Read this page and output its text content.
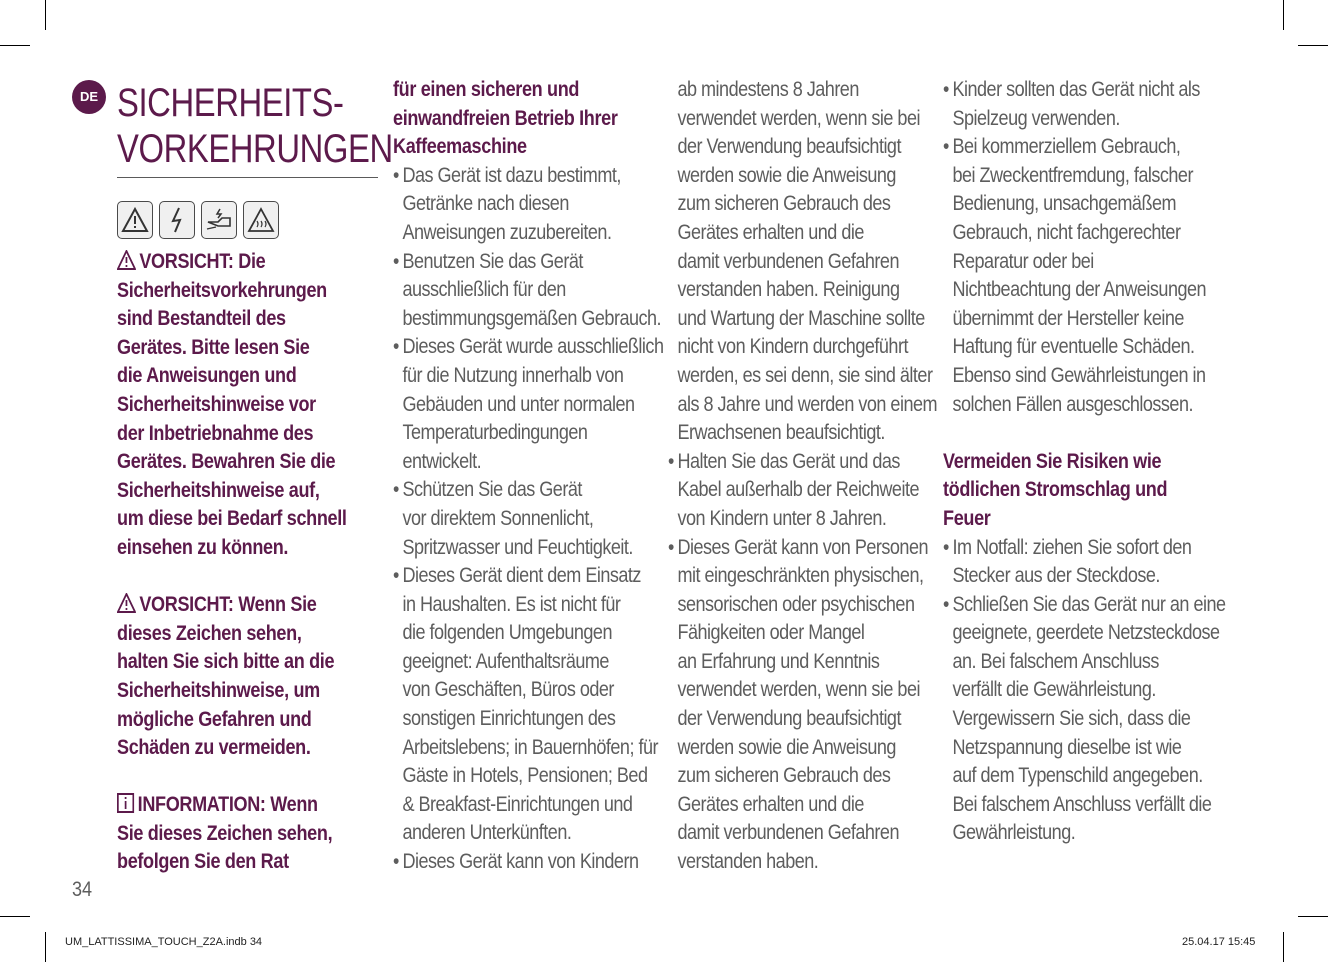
DE SICHERHEITS-
VORKEHRUNGEN
VORSICHT: Die
Sicherheitsvorkehrungen
sind Bestandteil des
Gerätes. Bitte lesen Sie
die Anweisungen und
Sicherheitshinweise vor
der Inbetriebnahme des
Gerätes. Bewahren Sie die
Sicherheitshinweise auf,
um diese bei Bedarf schnell
einsehen zu können.
VORSICHT: Wenn Sie
dieses Zeichen sehen,
halten Sie sich bitte an die
Sicherheitshinweise, um
mögliche Gefahren und
Schäden zu vermeiden.
INFORMATION: Wenn
Sie dieses Zeichen sehen,
befolgen Sie den Rat
für einen sicheren und
einwandfreien Betrieb Ihrer
Kaffeemaschine
• Das Gerät ist dazu bestimmt,
Getränke nach diesen
Anweisungen zuzubereiten.
• Benutzen Sie das Gerät
ausschließlich für den
bestimmungsgemäßen Gebrauch.
• Dieses Gerät wurde ausschließlich
für die Nutzung innerhalb von
Gebäuden und unter normalen
Temperaturbedingungen
entwickelt.
• Schützen Sie das Gerät
vor direktem Sonnenlicht,
Spritzwasser und Feuchtigkeit.
• Dieses Gerät dient dem Einsatz
in Haushalten. Es ist nicht für
die folgenden Umgebungen
geeignet: Aufenthaltsräume
von Geschäften, Büros oder
sonstigen Einrichtungen des
Arbeitslebens; in Bauernhöfen; für
Gäste in Hotels, Pensionen; Bed
& Breakfast-Einrichtungen und
anderen Unterkünften.
• Dieses Gerät kann von Kindern
ab mindestens 8 Jahren
verwendet werden, wenn sie bei
der Verwendung beaufsichtigt
werden sowie die Anweisung
zum sicheren Gebrauch des
Gerätes erhalten und die
damit verbundenen Gefahren
verstanden haben. Reinigung
und Wartung der Maschine sollte
nicht von Kindern durchgeführt
werden, es sei denn, sie sind älter
als 8 Jahre und werden von einem
Erwachsenen beaufsichtigt.
• Halten Sie das Gerät und das
Kabel außerhalb der Reichweite
von Kindern unter 8 Jahren.
• Dieses Gerät kann von Personen
mit eingeschränkten physischen,
sensorischen oder psychischen
Fähigkeiten oder Mangel
an Erfahrung und Kenntnis
verwendet werden, wenn sie bei
der Verwendung beaufsichtigt
werden sowie die Anweisung
zum sicheren Gebrauch des
Gerätes erhalten und die
damit verbundenen Gefahren
verstanden haben.
• Kinder sollten das Gerät nicht als
Spielzeug verwenden.
• Bei kommerziellem Gebrauch,
bei Zweckentfremdung, falscher
Bedienung, unsachgemäßem
Gebrauch, nicht fachgerechter
Reparatur oder bei
Nichtbeachtung der Anweisungen
übernimmt der Hersteller keine
Haftung für eventuelle Schäden.
Ebenso sind Gewährleistungen in
solchen Fällen ausgeschlossen.
Vermeiden Sie Risiken wie
tödlichen Stromschlag und
Feuer
• Im Notfall: ziehen Sie sofort den
Stecker aus der Steckdose.
• Schließen Sie das Gerät nur an eine
geeignete, geerdete Netzsteckdose
an. Bei falschem Anschluss
verfällt die Gewährleistung.
Vergewissern Sie sich, dass die
Netzspannung dieselbe ist wie
auf dem Typenschild angegeben.
Bei falschem Anschluss verfällt die
Gewährleistung.
34
UM_LATTISSIMA_TOUCH_Z2A.indb 34	25.04.17 15:45
